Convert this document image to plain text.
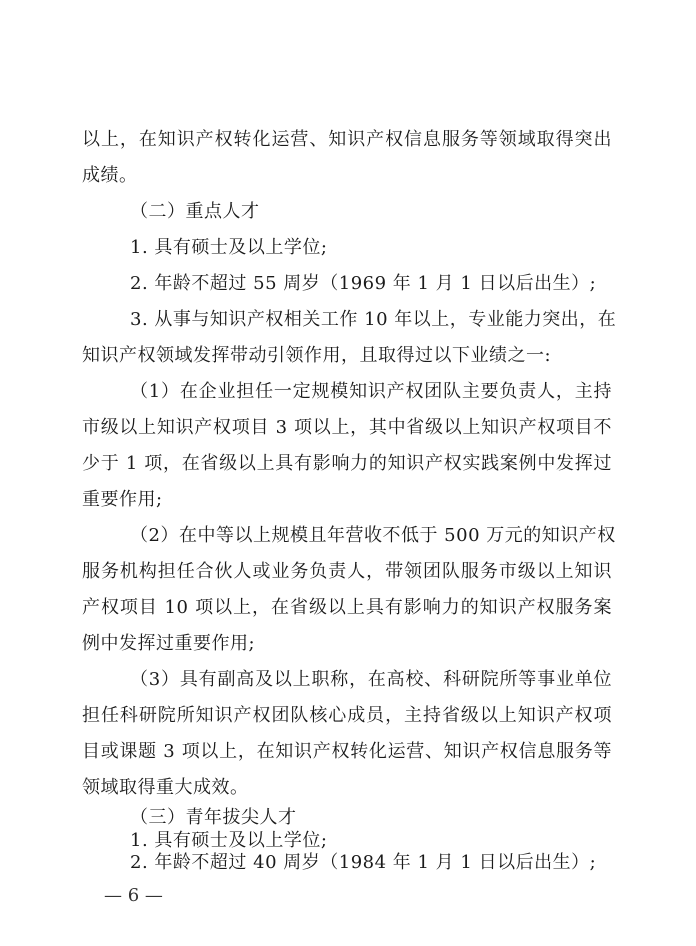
以上，在知识产权转化运营、知识产权信息服务等领域取得突出
成绩。
（二）重点人才
1. 具有硕士及以上学位;
2. 年龄不超过 55 周岁（1969 年 1 月 1 日以后出生）;
3. 从事与知识产权相关工作 10 年以上，专业能力突出，在
知识产权领域发挥带动引领作用，且取得过以下业绩之一:
（1）在企业担任一定规模知识产权团队主要负责人，主持
市级以上知识产权项目 3 项以上，其中省级以上知识产权项目不
少于 1 项，在省级以上具有影响力的知识产权实践案例中发挥过
重要作用;
（2）在中等以上规模且年营收不低于 500 万元的知识产权
服务机构担任合伙人或业务负责人，带领团队服务市级以上知识
产权项目 10 项以上，在省级以上具有影响力的知识产权服务案
例中发挥过重要作用;
（3）具有副高及以上职称，在高校、科研院所等事业单位
担任科研院所知识产权团队核心成员，主持省级以上知识产权项
目或课题 3 项以上，在知识产权转化运营、知识产权信息服务等
领域取得重大成效。
（三）青年拔尖人才
1. 具有硕士及以上学位;
2. 年龄不超过 40 周岁（1984 年 1 月 1 日以后出生）;
— 6 —
